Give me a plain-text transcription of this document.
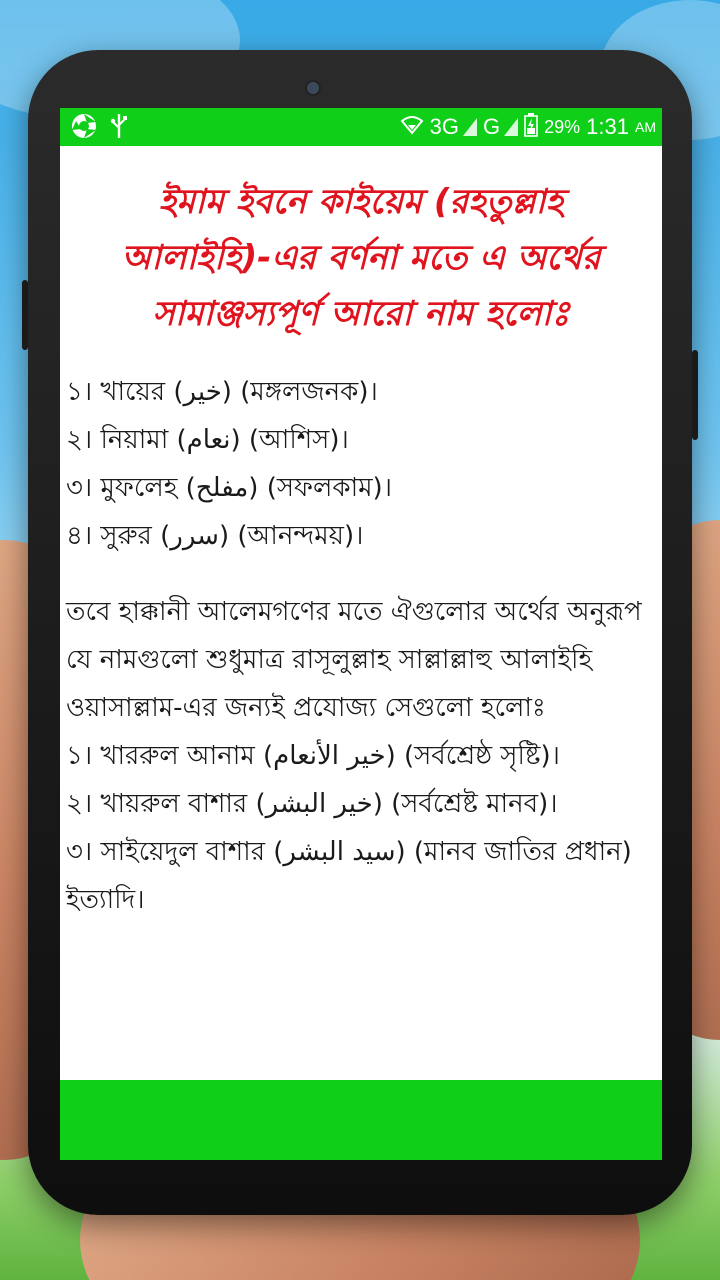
3G G 29% 1:31 AM
ইমাম ইবনে কাইয়েম (রহতুল্লাহ আলাইহি)-এর বর্ণনা মতে এ অর্থের সামাঞ্জস্যপূর্ণ আরো নাম হলোঃ
১। খায়ের (خير) (মঙ্গলজনক)।
২। নিয়ামা (نعام) (আশিস)।
৩। মুফলেহ (مفلح) (সফলকাম)।
৪। সুরুর (سرر) (আনন্দময়)।
তবে হাক্কানী আলেমগণের মতে ঐগুলোর অর্থের অনুরূপ যে নামগুলো শুধুমাত্র রাসূলুল্লাহ সাল্লাল্লাহু আলাইহি ওয়াসাল্লাম-এর জন্যই প্রযোজ্য সেগুলো হলোঃ
১। খাররুল আনাম (خير الأنعام) (সর্বশ্রেষ্ঠ সৃষ্টি)।
২। খায়রুল বাশার (خير البشر) (সর্বশ্রেষ্ট মানব)।
৩। সাইয়েদুল বাশার (سيد البشر) (মানব জাতির প্রধান) ইত্যাদি।
